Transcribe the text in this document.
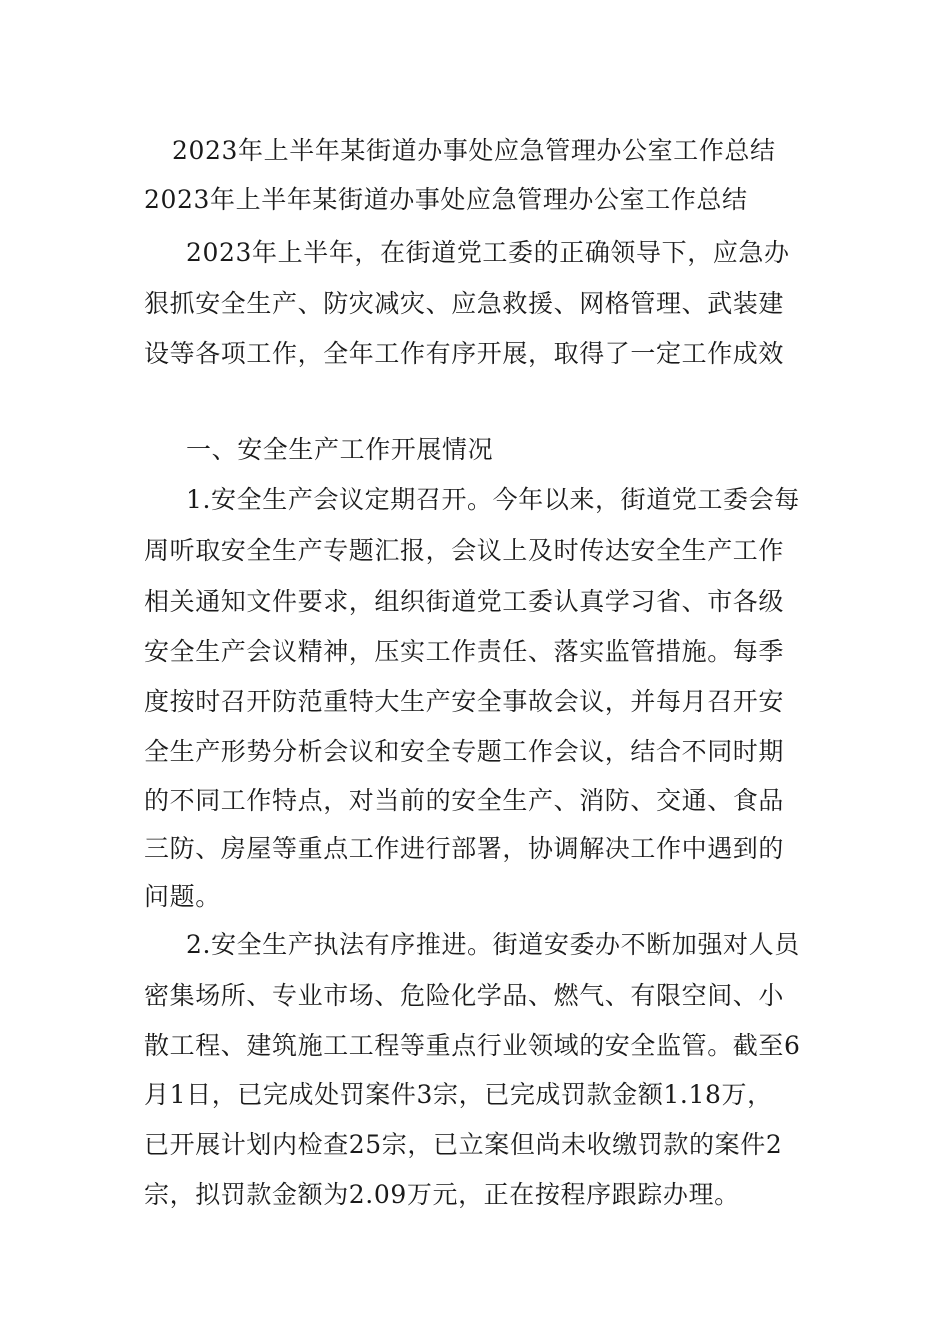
2023年上半年某街道办事处应急管理办公室工作总结
2023年上半年某街道办事处应急管理办公室工作总结
2023年上半年，在街道党工委的正确领导下，应急办
狠抓安全生产、防灾减灾、应急救援、网格管理、武装建
设等各项工作，全年工作有序开展，取得了一定工作成效
一、安全生产工作开展情况
1.安全生产会议定期召开。今年以来，街道党工委会每
周听取安全生产专题汇报，会议上及时传达安全生产工作
相关通知文件要求，组织街道党工委认真学习省、市各级
安全生产会议精神，压实工作责任、落实监管措施。每季
度按时召开防范重特大生产安全事故会议，并每月召开安
全生产形势分析会议和安全专题工作会议，结合不同时期
的不同工作特点，对当前的安全生产、消防、交通、食品
三防、房屋等重点工作进行部署，协调解决工作中遇到的
问题。
2.安全生产执法有序推进。街道安委办不断加强对人员
密集场所、专业市场、危险化学品、燃气、有限空间、小
散工程、建筑施工工程等重点行业领域的安全监管。截至6
月1日，已完成处罚案件3宗，已完成罚款金额1.18万，
已开展计划内检查25宗，已立案但尚未收缴罚款的案件2
宗，拟罚款金额为2.09万元，正在按程序跟踪办理。
